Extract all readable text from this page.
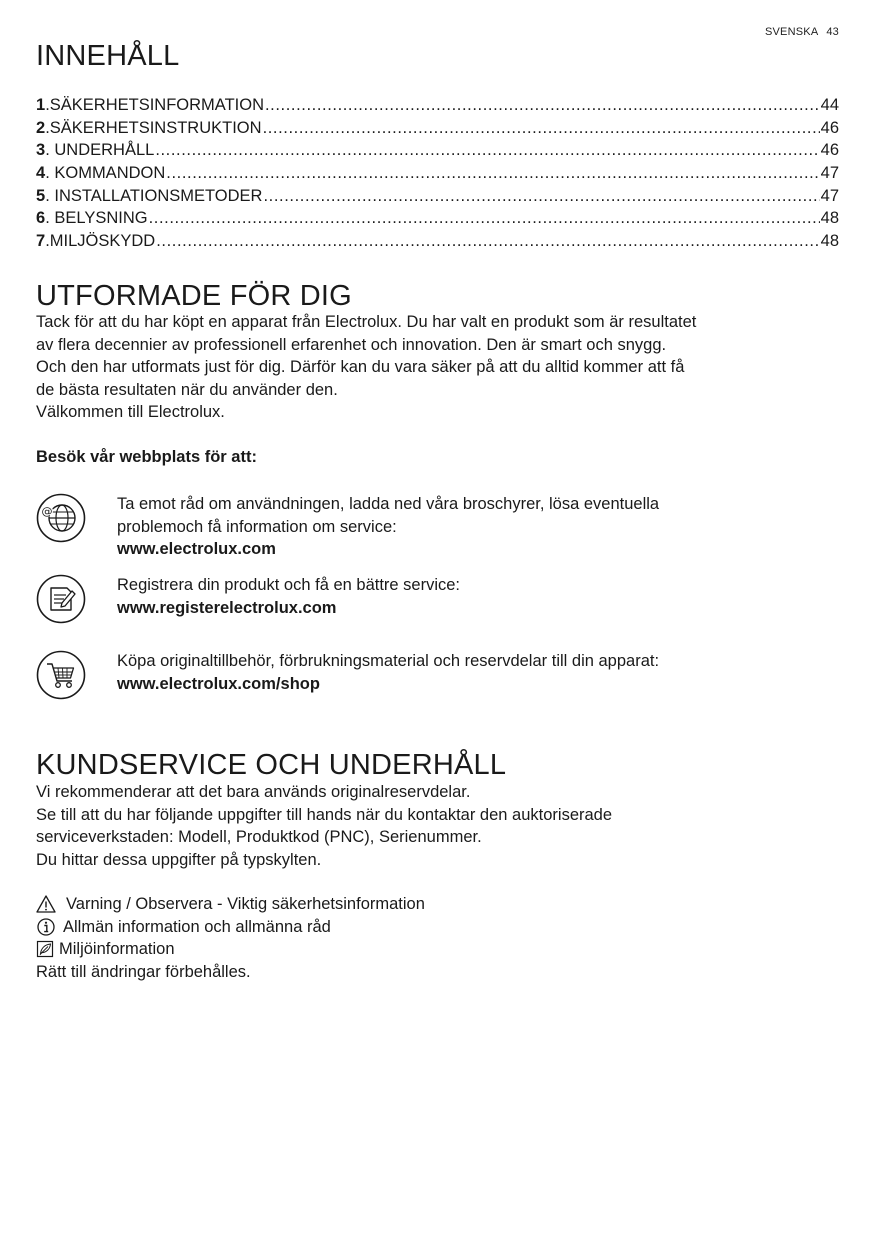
SVENSKA 43
INNEHÅLL
1 .SÄKERHETSINFORMATION .....	44
2 .SÄKERHETSINSTRUKTION .....	46
3 . UNDERHÅLL .....	46
4 . KOMMANDON .....	47
5 . INSTALLATIONSMETODER .....	47
6 . BELYSNING .....	48
7 .MILJÖSKYDD .....	48
UTFORMADE FÖR DIG

Tack för att du har köpt en apparat från Electrolux. Du har valt en produkt som är resultatet

av flera decennier av professionell erfarenhet och innovation. Den är smart och snygg.

Och den har utformats just för dig. Därför kan du vara säker på att du alltid kommer att få

de bästa resultaten när du använder den.

Välkommen till Electrolux.

Besök vår webbplats för att:
@	Ta emot råd om användningen, ladda ned våra broschyrer, lösa eventuella
problemoch få information om service:
www.electrolux.com
Registrera din produkt och få en bättre service:
www.registerelectrolux.com
Köpa originaltillbehör, förbrukningsmaterial och reservdelar till din apparat:
www.electrolux.com/shop
KUNDSERVICE OCH UNDERHÅLL

Vi rekommenderar att det bara används originalreservdelar.

Se till att du har följande uppgifter till hands när du kontaktar den auktoriserade

serviceverkstaden: Modell, Produktkod (PNC), Serienummer.

Du hittar dessa uppgifter på typskylten.

Varning / Observera - Viktig säkerhetsinformation
Allmän information och allmänna råd
Miljöinformation
Rätt till ändringar förbehålles.
